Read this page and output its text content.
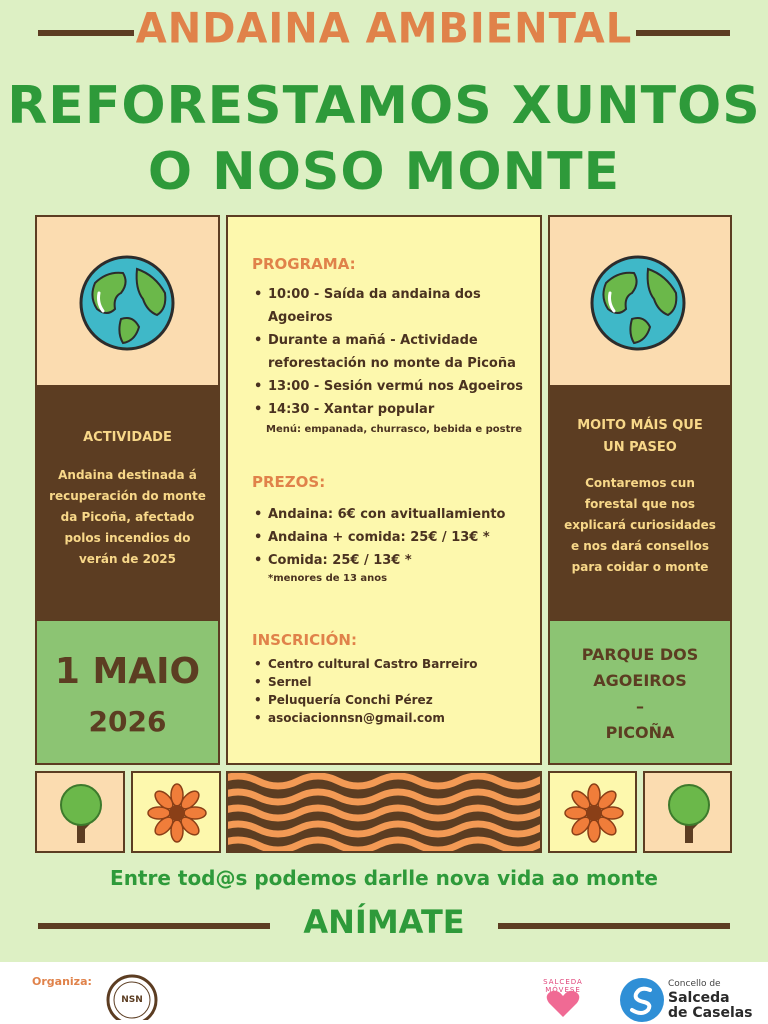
ANDAINA AMBIENTAL
REFORESTAMOS XUNTOS
O NOSO MONTE
ACTIVIDADE
Andaina destinada á
recuperación do monte
da Picoña, afectado
polos incendios do
verán de 2025
1 MAIO
2026
PROGRAMA:
• 10:00 - Saída da andaina dos
Agoeiros
• Durante a mañá - Actividade
reforestación no monte da Picoña
• 13:00 - Sesión vermú nos Agoeiros
• 14:30 - Xantar popular
Menú: empanada, churrasco, bebida e postre
PREZOS:
• Andaina: 6€ con avituallamiento
• Andaina + comida: 25€ / 13€ *
• Comida: 25€ / 13€ *
*menores de 13 anos
INSCRICIÓN:
• Centro cultural Castro Barreiro
• Sernel
• Peluquería Conchi Pérez
• asociacionnsn@gmail.com
MOITO MÁIS QUE
UN PASEO
Contaremos cun
forestal que nos
explicará curiosidades
e nos dará consellos
para coidar o monte
PARQUE DOS
AGOEIROS
–
PICOÑA
Entre tod@s podemos darlle nova vida ao monte
ANÍMATE
Organiza:
NSN
SALCEDA MÓVESE
Concello de
Salceda
de Caselas
